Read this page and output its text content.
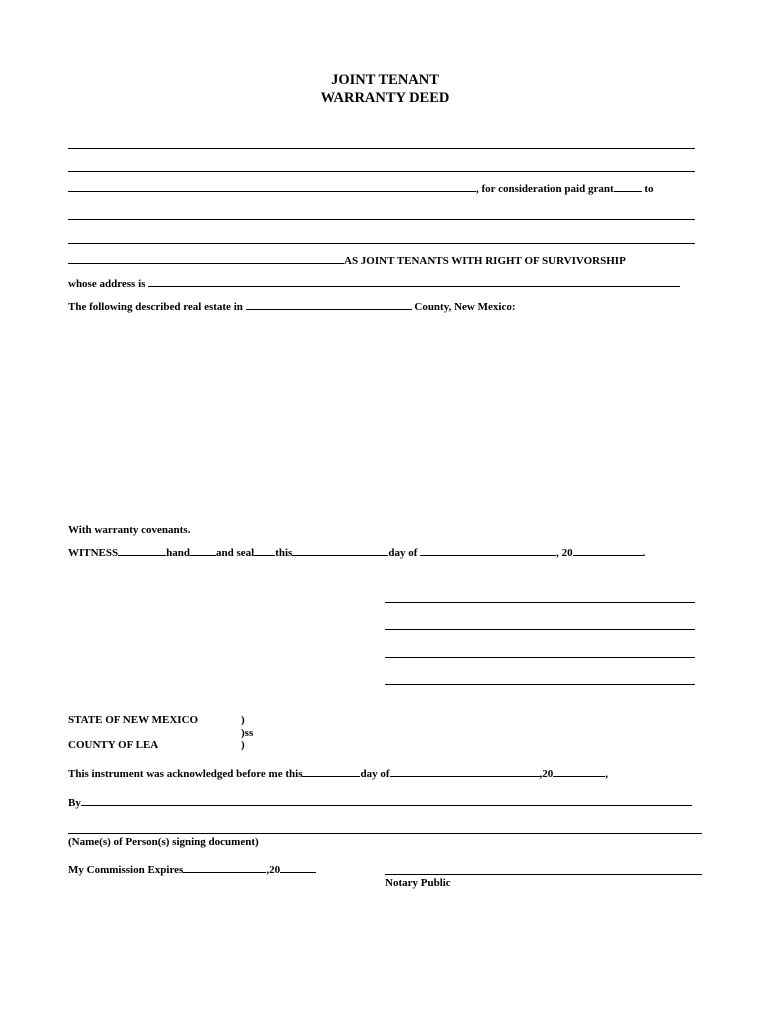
JOINT TENANT
WARRANTY DEED
, for consideration paid grant	to
AS JOINT TENANTS WITH RIGHT OF SURVIVORSHIP
whose address is
The following described real estate in	County, New Mexico:
With warranty covenants.
WITNESS	hand and seal this	day of	, 20	.
STATE OF NEW MEXICO	)
)ss
COUNTY OF LEA	)
This instrument was acknowledged before me this	day of	,20	,
By
(Name(s) of Person(s) signing document)
My Commission Expires	,20
Notary Public
